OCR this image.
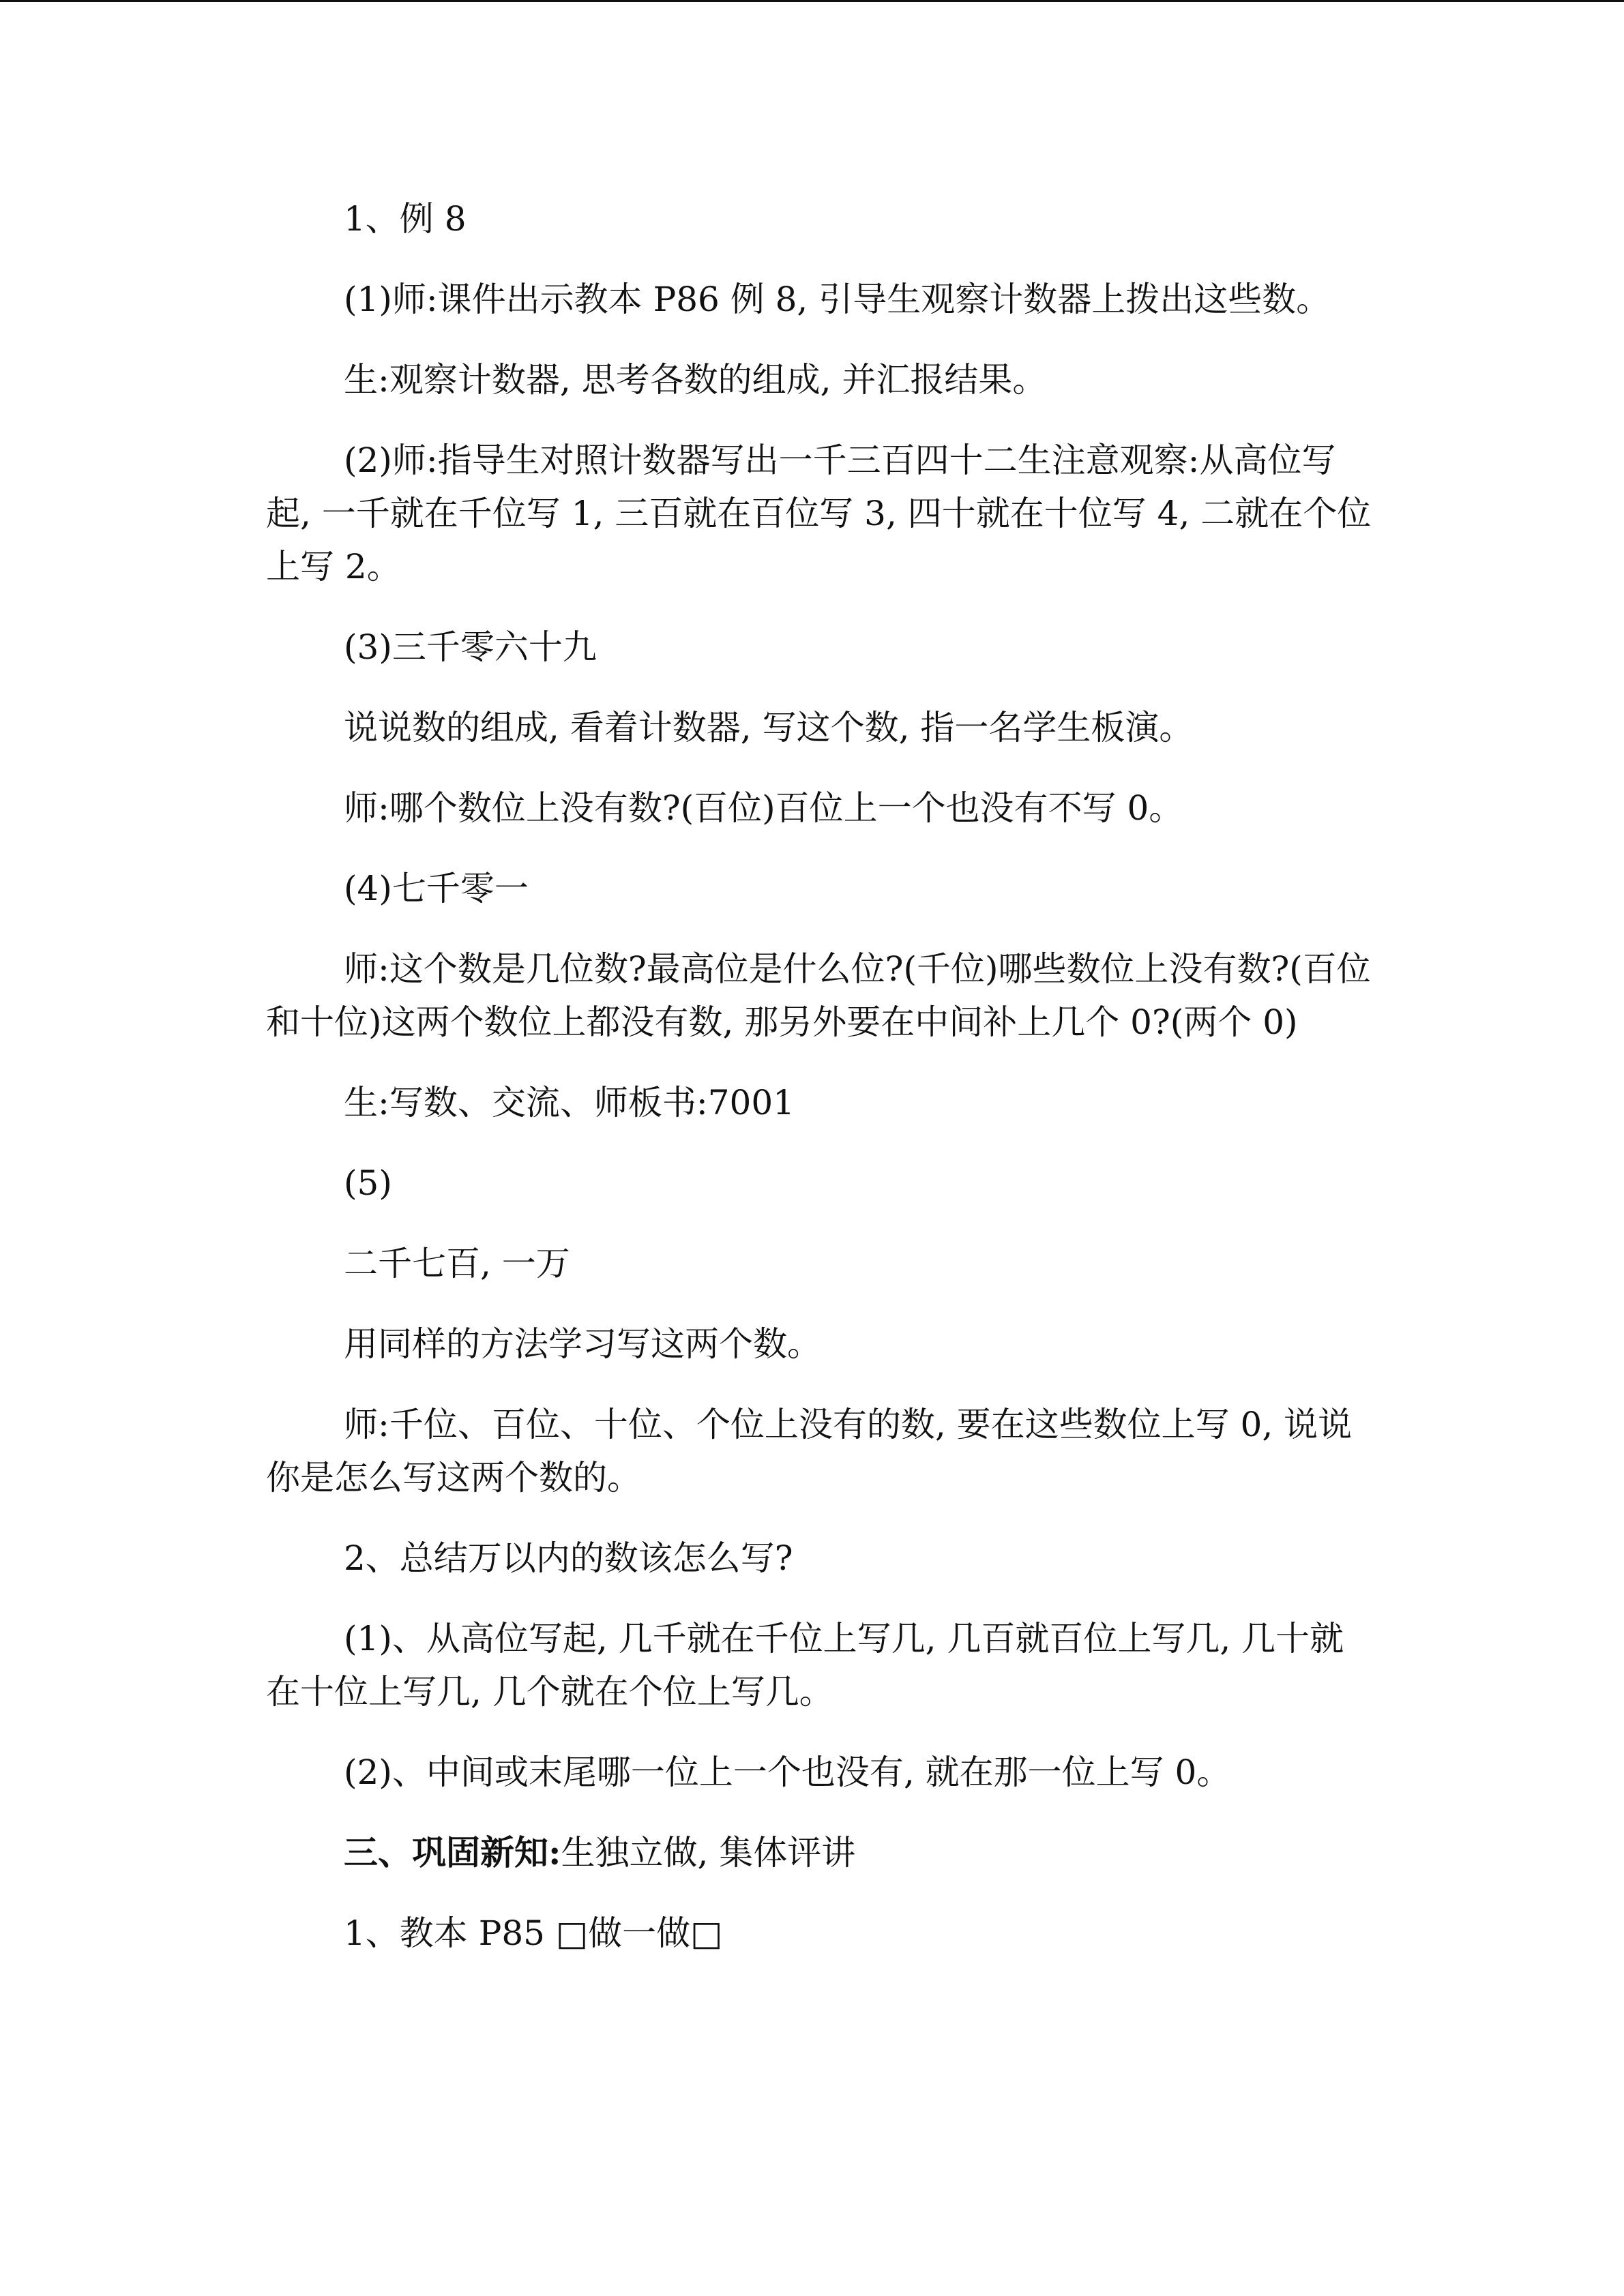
1、例 8

(1)师:课件出示教本 P86 例 8, 引导生观察计数器上拨出这些数。

生:观察计数器, 思考各数的组成, 并汇报结果。

(2)师:指导生对照计数器写出一千三百四十二生注意观察:从高位写起, 一千就在千位写 1, 三百就在百位写 3, 四十就在十位写 4, 二就在个位上写 2。

(3)三千零六十九

说说数的组成, 看着计数器, 写这个数, 指一名学生板演。

师:哪个数位上没有数?(百位)百位上一个也没有不写 0。

(4)七千零一

师:这个数是几位数?最高位是什么位?(千位)哪些数位上没有数?(百位和十位)这两个数位上都没有数, 那另外要在中间补上几个 0?(两个 0)

生:写数、交流、师板书:7001

(5)

二千七百, 一万

用同样的方法学习写这两个数。

师:千位、百位、十位、个位上没有的数, 要在这些数位上写 0, 说说你是怎么写这两个数的。

2、总结万以内的数该怎么写?

(1)、从高位写起, 几千就在千位上写几, 几百就百位上写几, 几十就在十位上写几, 几个就在个位上写几。

(2)、中间或末尾哪一位上一个也没有, 就在那一位上写 0。

三、巩固新知:生独立做, 集体评讲

1、教本 P85 □做一做□
